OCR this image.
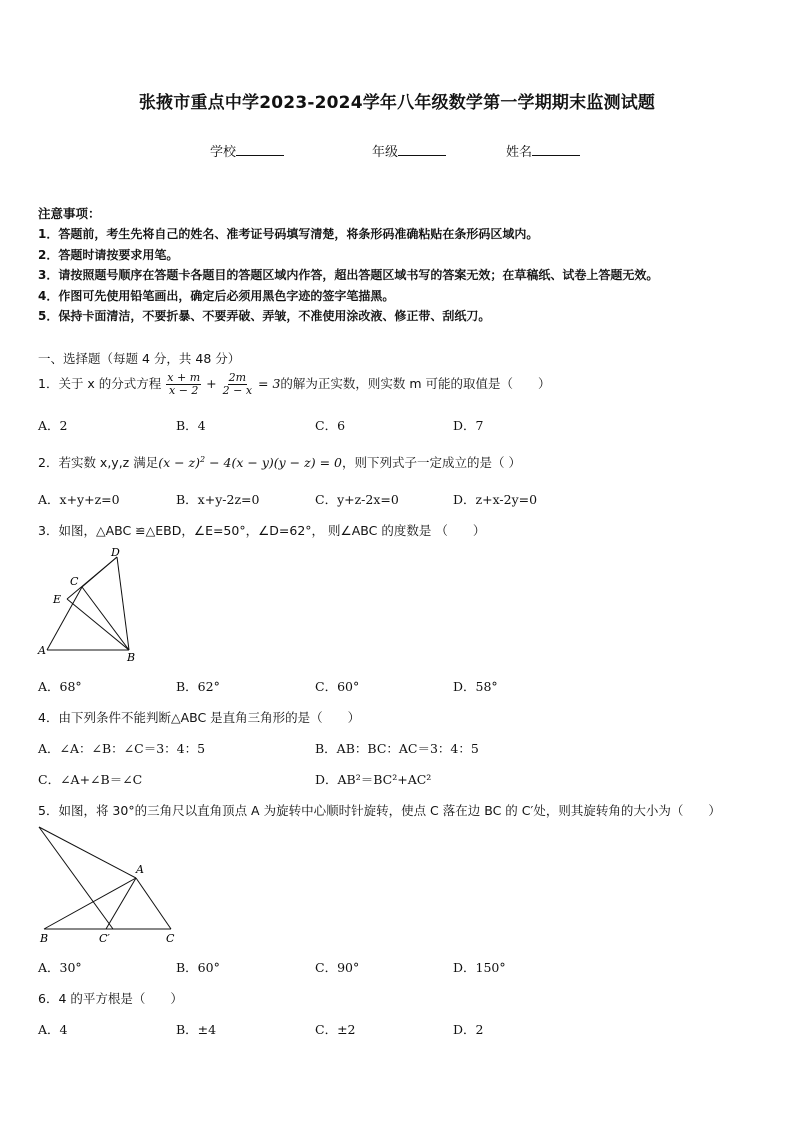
张掖市重点中学2023-2024学年八年级数学第一学期期末监测试题
学校	年级	姓名
注意事项：
1．答题前，考生先将自己的姓名、准考证号码填写清楚，将条形码准确粘贴在条形码区域内。
2．答题时请按要求用笔。
3．请按照题号顺序在答题卡各题目的答题区域内作答，超出答题区域书写的答案无效；在草稿纸、试卷上答题无效。
4．作图可先使用铅笔画出，确定后必须用黑色字迹的签字笔描黑。
5．保持卡面清洁，不要折暴、不要弄破、弄皱，不准使用涂改液、修正带、刮纸刀。
一、选择题（每题 4 分，共 48 分）
1．关于 x 的分式方程 $\frac{x + m}{x - 2} + \frac{2m}{2 - x} = 3$的解为正实数，则实数 m 可能的取值是（　　）
A．2	B．4	C．6	D．7
2．若实数 x,y,z 满足$(x - z)^2 - 4(x - y)(y - z) = 0$，则下列式子一定成立的是（ ）
A．x+y+z=0	B．x+y-2z=0	C．y+z-2x=0	D．z+x-2y=0
3．如图，△ABC ≌△EBD，∠E=50°，∠D=62°， 则∠ABC 的度数是 （　　）
D
C
E
A
B
A．68°	B．62°	C．60°	D．58°
4．由下列条件不能判断△ABC 是直角三角形的是（　　）
A．∠A：∠B：∠C＝3：4：5	B．AB：BC：AC＝3：4：5
C．∠A+∠B＝∠C	D．AB²＝BC²+AC²
5．如图，将 30°的三角尺以直角顶点 A 为旋转中心顺时针旋转，使点 C 落在边 BC 的 C′处，则其旋转角的大小为（　　）
A
B	C′	C
A．30°	B．60°	C．90°	D．150°
6．4 的平方根是（　　）
A．4	B．±4	C．±2	D．2
